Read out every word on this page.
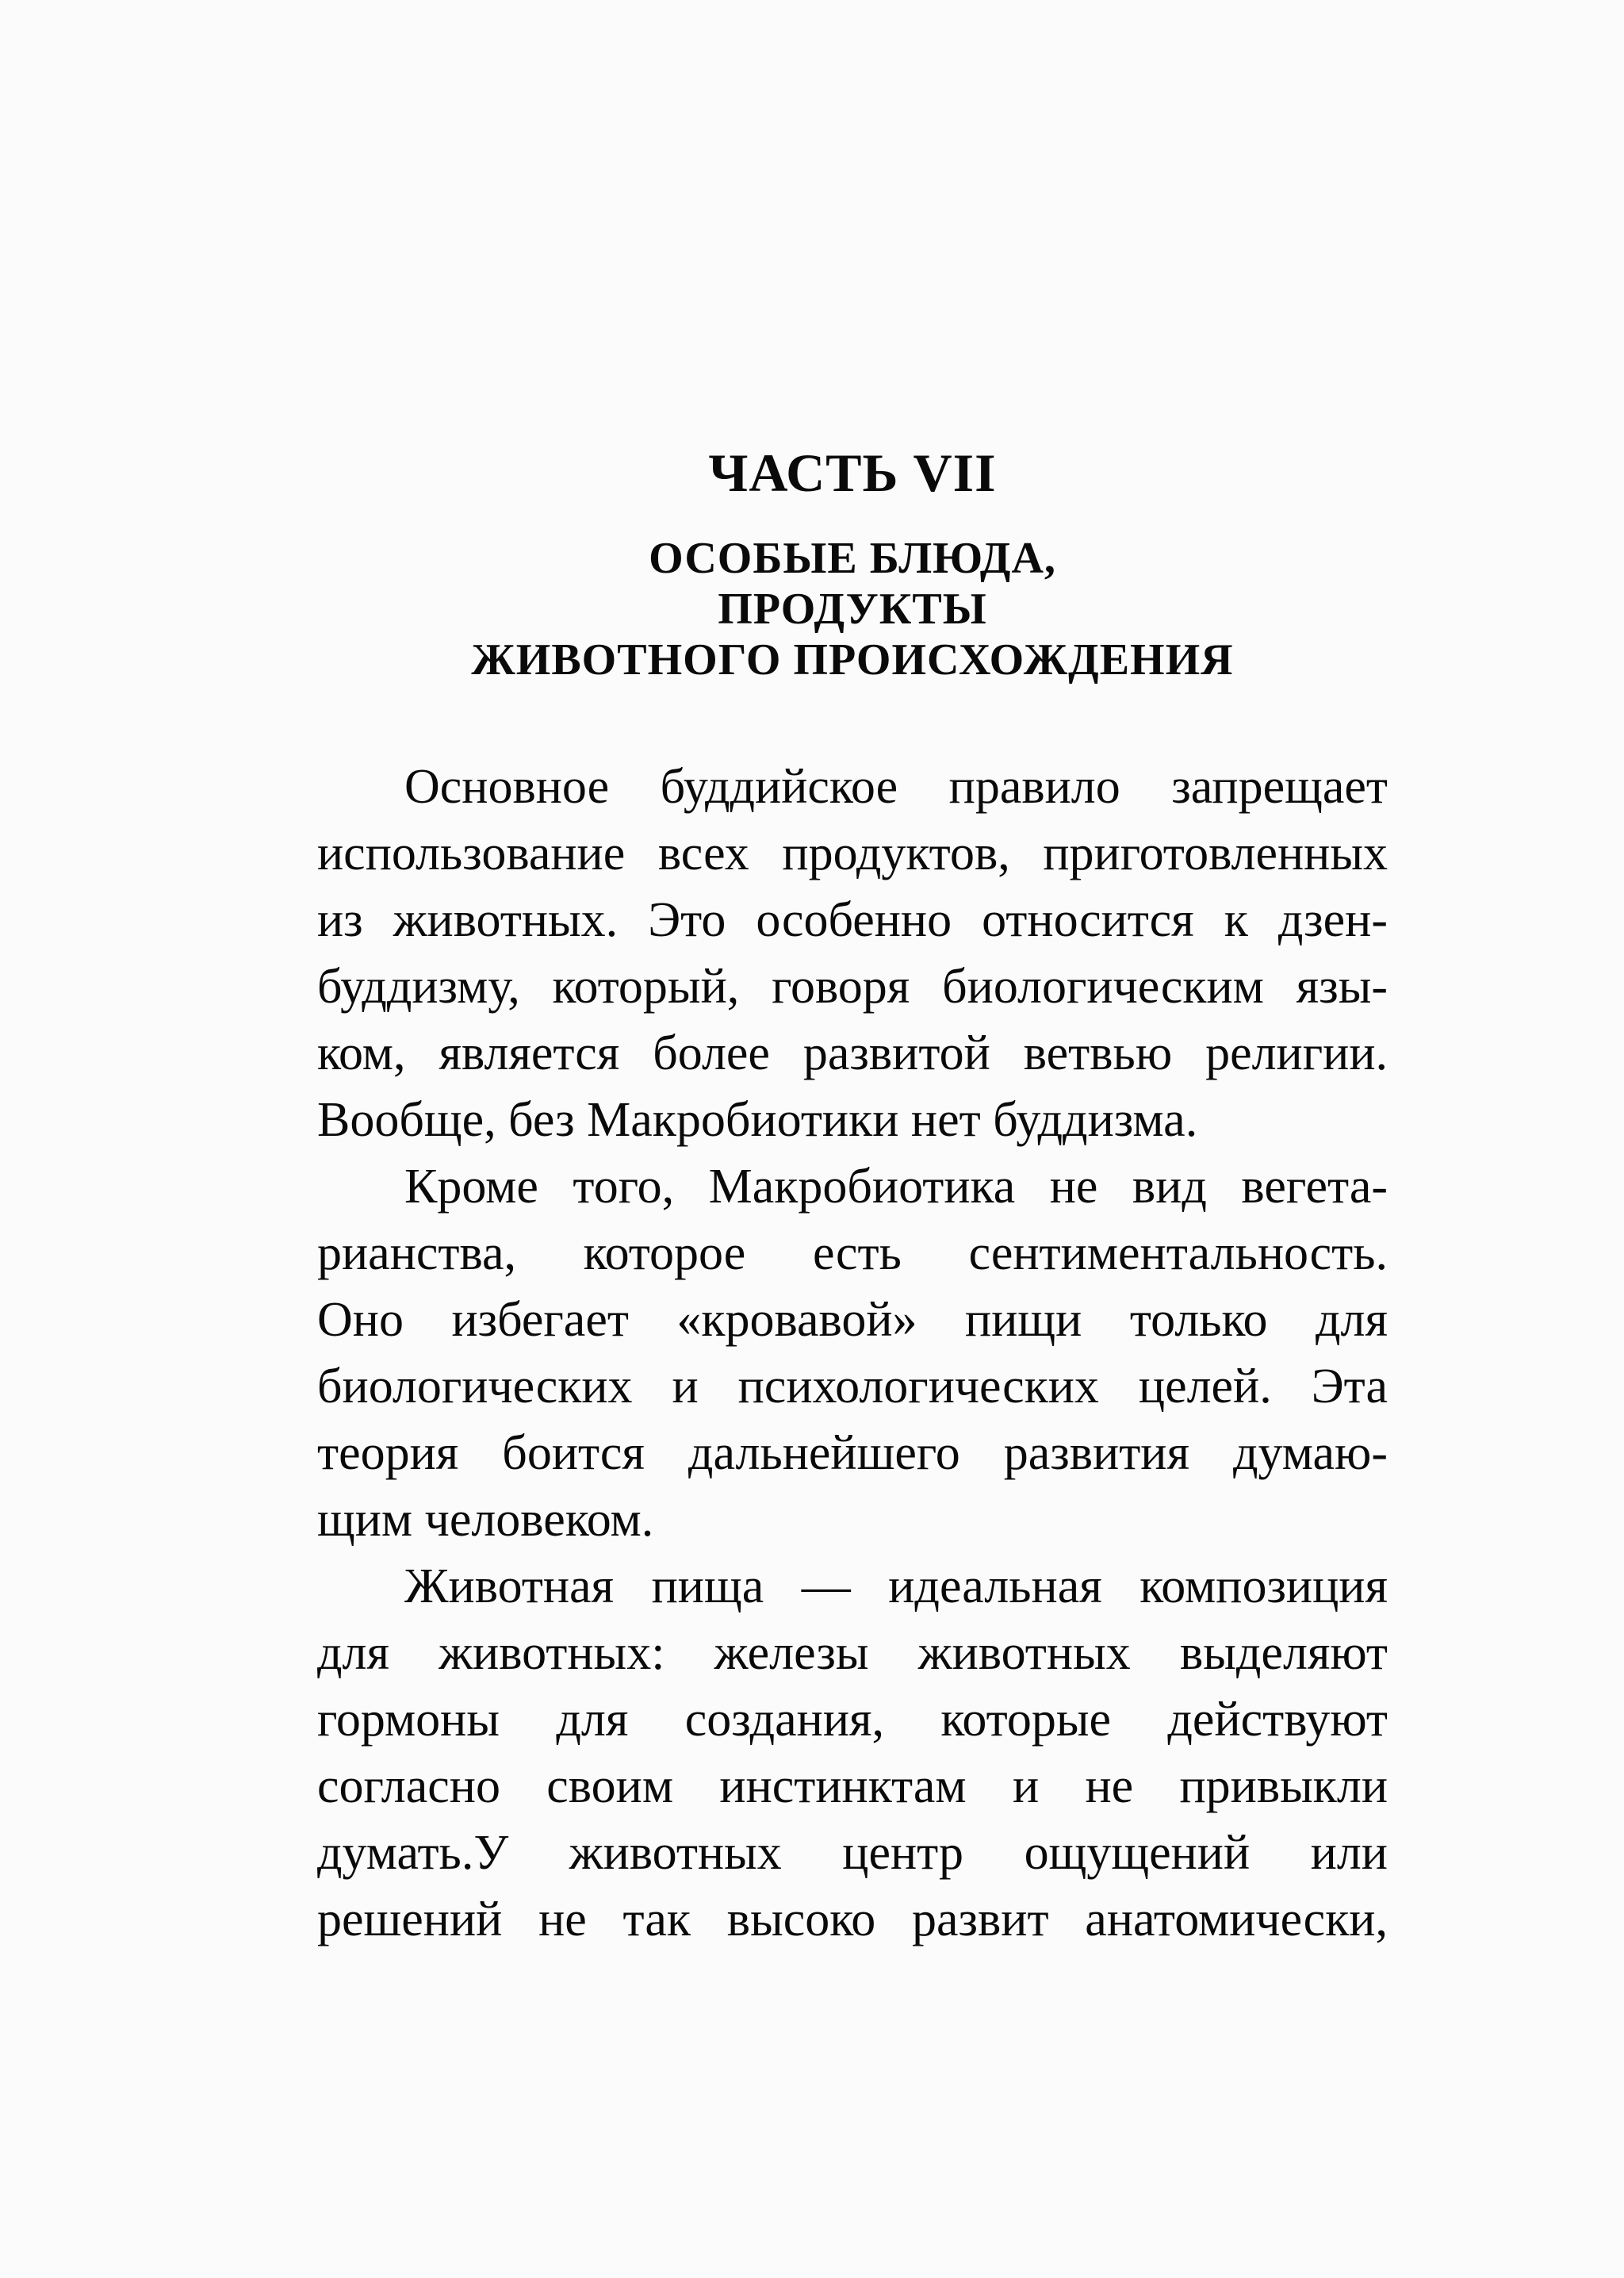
ЧАСТЬ VII
ОСОБЫЕ БЛЮДА,
ПРОДУКТЫ
ЖИВОТНОГО ПРОИСХОЖДЕНИЯ

Основное буддийское правило запрещает
использование всех продуктов, приготовленных
из животных. Это особенно относится к дзен-
буддизму, который, говоря биологическим язы-
ком, является более развитой ветвью религии.
Вообще, без Макробиотики нет буддизма.

Кроме того, Макробиотика не вид вегета-
рианства, которое есть сентиментальность.
Оно избегает «кровавой» пищи только для
биологических и психологических целей. Эта
теория боится дальнейшего развития думаю-
щим человеком.

Животная пища — идеальная композиция
для животных: железы животных выделяют
гормоны для создания, которые действуют
согласно своим инстинктам и не привыкли
думать.У животных центр ощущений или
решений не так высоко развит анатомически,
